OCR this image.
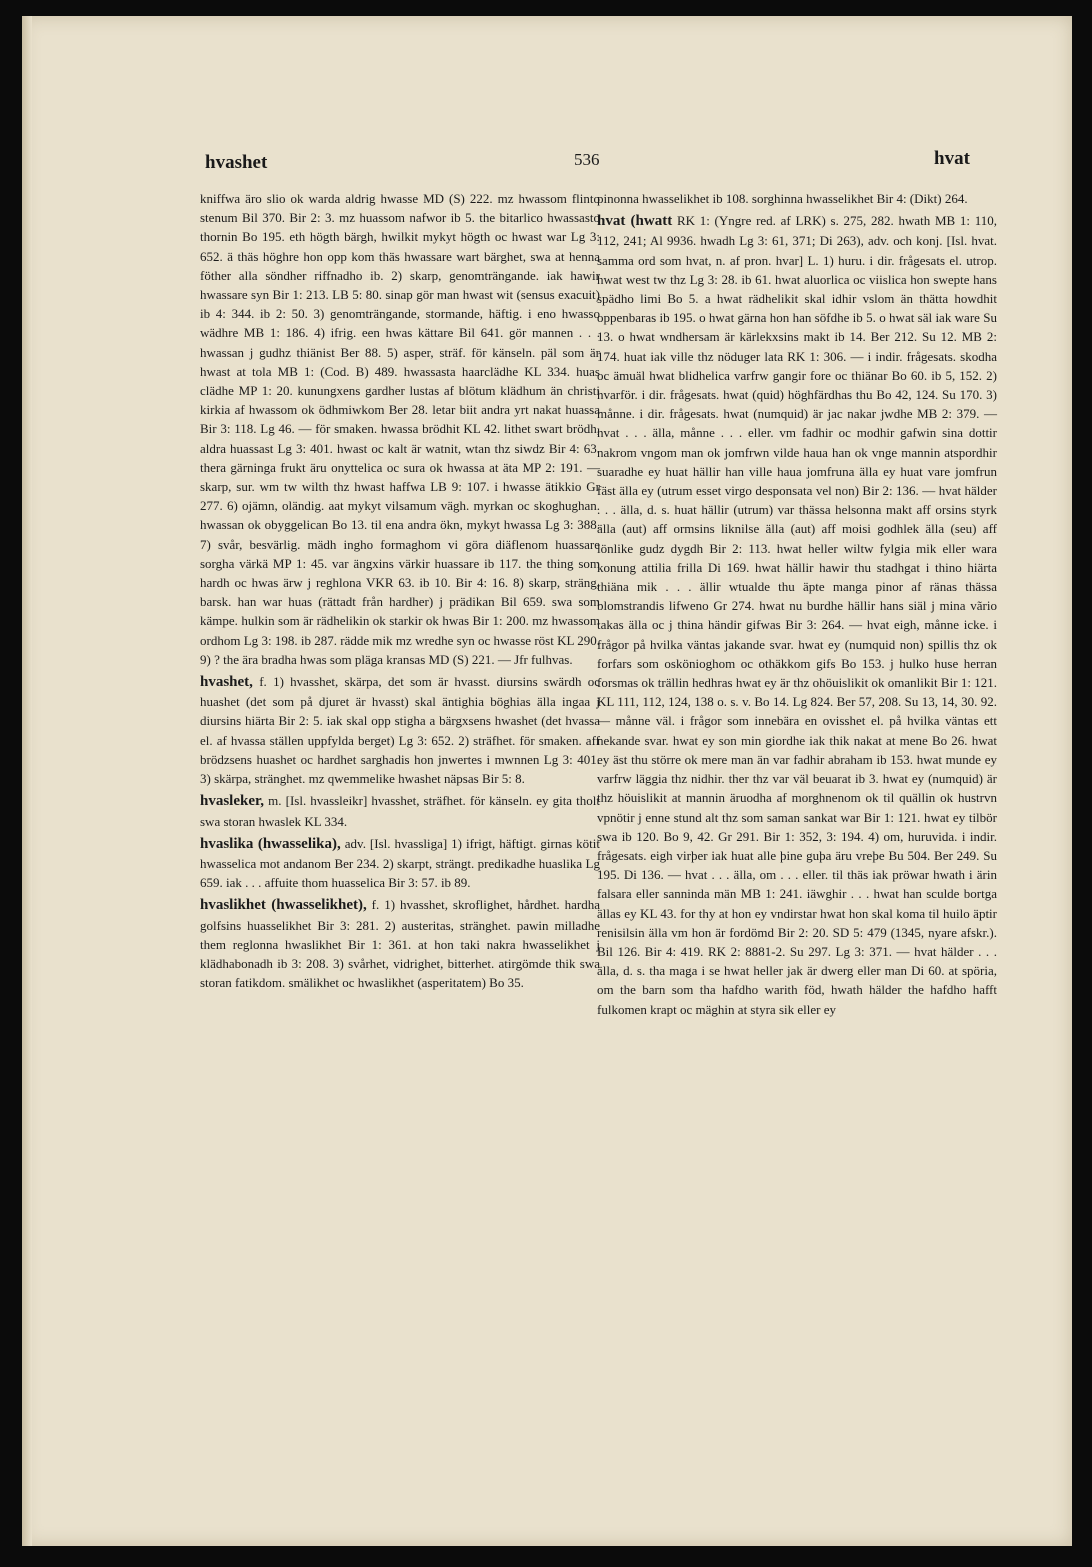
hvashet	536	hvat

kniffwa äro slio ok warda aldrig hwasse MD (S) 222. mz hwassom flinto stenum Bil 370. Bir 2: 3. mz huassom nafwor ib 5. the bitarlico hwassasto thornin Bo 195. eth högth bärgh, hwilkit mykyt högth oc hwast war Lg 3: 652. ä thäs höghre hon opp kom thäs hwassare wart bärghet, swa at henna föther alla söndher riffnadho ib. 2) skarp, genomträngande. iak hawir hwassare syn Bir 1: 213. LB 5: 80. sinap gör man hwast wit (sensus exacuit) ib 4: 344. ib 2: 50. 3) genomträngande, stormande, häftig. i eno hwasso wädhre MB 1: 186. 4) ifrig. een hwas kättare Bil 641. gör mannen . . . hwassan j gudhz thiänist Ber 88. 5) asper, sträf. för känseln. päl som är hwast at tola MB 1: (Cod. B) 489. hwassasta haarclädhe KL 334. huas clädhe MP 1: 20. kunungxens gardher lustas af blötum klädhum än christi kirkia af hwassom ok ödhmiwkom Ber 28. letar biit andra yrt nakat huassa Bir 3: 118. Lg 46. — för smaken. hwassa brödhit KL 42. lithet swart brödh, aldra huassast Lg 3: 401. hwast oc kalt är watnit, wtan thz siwdz Bir 4: 63. thera gärninga frukt äru onyttelica oc sura ok hwassa at äta MP 2: 191. — skarp, sur. wm tw wilth thz hwast haffwa LB 9: 107. i hwasse ätikkio Gr 277. 6) ojämn, oländig. aat mykyt vilsamum vägh. myrkan oc skoghughan. hwassan ok obyggelican Bo 13. til ena andra ökn, mykyt hwassa Lg 3: 388. 7) svår, besvärlig. mädh ingho formaghom vi göra diäflenom huassare sorgha värkä MP 1: 45. var ängxins värkir huassare ib 117. the thing som hardh oc hwas ärw j reghlona VKR 63. ib 10. Bir 4: 16. 8) skarp, sträng, barsk. han war huas (rättadt från hardher) j prädikan Bil 659. swa som kämpe. hulkin som är rädhelikin ok starkir ok hwas Bir 1: 200. mz hwassom ordhom Lg 3: 198. ib 287. rädde mik mz wredhe syn oc hwasse röst KL 290. 9) ? the ära bradha hwas som pläga kransas MD (S) 221. — Jfr fulhvas.

hvashet, f. 1) hvasshet, skärpa, det som är hvasst. diursins swärdh oc huashet (det som på djuret är hvasst) skal äntighia böghias älla ingaa j diursins hiärta Bir 2: 5. iak skal opp stigha a bärgxsens hwashet (det hvassa el. af hvassa ställen uppfylda berget) Lg 3: 652. 2) sträfhet. för smaken. aff brödzsens huashet oc hardhet sarghadis hon jnwertes i mwnnen Lg 3: 401. 3) skärpa, stränghet. mz qwemmelike hwashet näpsas Bir 5: 8.

hvasleker, m. [Isl. hvassleikr] hvasshet, sträfhet. för känseln. ey gita tholt swa storan hwaslek KL 334.

hvaslika (hwasselika), adv. [Isl. hvassliga] 1) ifrigt, häftigt. girnas kötit hwasselica mot andanom Ber 234. 2) skarpt, strängt. predikadhe huaslika Lg 659. iak . . . affuite thom huasselica Bir 3: 57. ib 89.

hvaslikhet (hwasselikhet), f. 1) hvasshet, skroflighet, hårdhet. hardha golfsins huasselikhet Bir 3: 281. 2) austeritas, stränghet. pawin milladhe them reglonna hwaslikhet Bir 1: 361. at hon taki nakra hwasselikhet j klädhabonadh ib 3: 208. 3) svårhet, vidrighet, bitterhet. atirgömde thik swa storan fatikdom. smälikhet oc hwaslikhet (asperitatem) Bo 35.

pinonna hwasselikhet ib 108. sorghinna hwasselikhet Bir 4: (Dikt) 264.

hvat (hwatt RK 1: (Yngre red. af LRK) s. 275, 282. hwath MB 1: 110, 112, 241; Al 9936. hwadh Lg 3: 61, 371; Di 263), adv. och konj. [Isl. hvat. samma ord som hvat, n. af pron. hvar] L. 1) huru. i dir. frågesats el. utrop. hwat west tw thz Lg 3: 28. ib 61. hwat aluorlica oc viislica hon swepte hans spädho limi Bo 5. a hwat rädhelikit skal idhir vslom än thätta howdhit oppenbaras ib 195. o hwat gärna hon han söfdhe ib 5. o hwat säl iak ware Su 13. o hwat wndhersam är kärlekxsins makt ib 14. Ber 212. Su 12. MB 2: 174. huat iak ville thz nöduger lata RK 1: 306. — i indir. frågesats. skodha oc ämuäl hwat blidhelica varfrw gangir fore oc thiänar Bo 60. ib 5, 152. 2) hvarför. i dir. frågesats. hwat (quid) höghfärdhas thu Bo 42, 124. Su 170. 3) månne. i dir. frågesats. hwat (numquid) är jac nakar jwdhe MB 2: 379. — hvat . . . älla, månne . . . eller. vm fadhir oc modhir gafwin sina dottir nakrom vngom man ok jomfrwn vilde haua han ok vnge mannin atspordhir suaradhe ey huat hällir han ville haua jomfruna älla ey huat vare jomfrun fäst älla ey (utrum esset virgo desponsata vel non) Bir 2: 136. — hvat hälder . . . älla, d. s. huat hällir (utrum) var thässa helsonna makt aff orsins styrk älla (aut) aff ormsins liknilse älla (aut) aff moisi godhlek älla (seu) aff lönlike gudz dygdh Bir 2: 113. hwat heller wiltw fylgia mik eller wara konung attilia frilla Di 169. hwat hällir hawir thu stadhgat i thino hiärta thiäna mik . . . ällir wtualde thu äpte manga pinor af ränas thässa blomstrandis lifweno Gr 274. hwat nu burdhe hällir hans siäl j mina vãrio takas älla oc j thina händir gifwas Bir 3: 264. — hvat eigh, månne icke. i frågor på hvilka väntas jakande svar. hwat ey (numquid non) spillis thz ok forfars som oskönioghom oc othäkkom gifs Bo 153. j hulko huse herran forsmas ok trällin hedhras hwat ey är thz ohöuislikit ok omanlikit Bir 1: 121. KL 111, 112, 124, 138 o. s. v. Bo 14. Lg 824. Ber 57, 208. Su 13, 14, 30. 92. — månne väl. i frågor som innebära en ovisshet el. på hvilka väntas ett nekande svar. hwat ey son min giordhe iak thik nakat at mene Bo 26. hwat ey äst thu större ok mere man än var fadhir abraham ib 153. hwat munde ey varfrw läggia thz nidhir. ther thz var väl beuarat ib 3. hwat ey (numquid) är thz höuislikit at mannin äruodha af morghnenom ok til quällin ok hustrvn vpnötir j enne stund alt thz som saman sankat war Bir 1: 121. hwat ey tilbör swa ib 120. Bo 9, 42. Gr 291. Bir 1: 352, 3: 194. 4) om, huruvida. i indir. frågesats. eigh virþer iak huat alle þine guþa äru vreþe Bu 504. Ber 249. Su 195. Di 136. — hvat . . . älla, om . . . eller. til thäs iak pröwar hwath i ärin falsara eller sanninda män MB 1: 241. iäwghir . . . hwat han sculde bortga ällas ey KL 43. for thy at hon ey vndirstar hwat hon skal koma til huilo äptir renisilsin älla vm hon är fordömd Bir 2: 20. SD 5: 479 (1345, nyare afskr.). Bil 126. Bir 4: 419. RK 2: 8881-2. Su 297. Lg 3: 371. — hvat hälder . . . älla, d. s. tha maga i se hwat heller jak är dwerg eller man Di 60. at spöria, om the barn som tha hafdho warith föd, hwath hälder the hafdho hafft fulkomen krapt oc mäghin at styra sik eller ey
